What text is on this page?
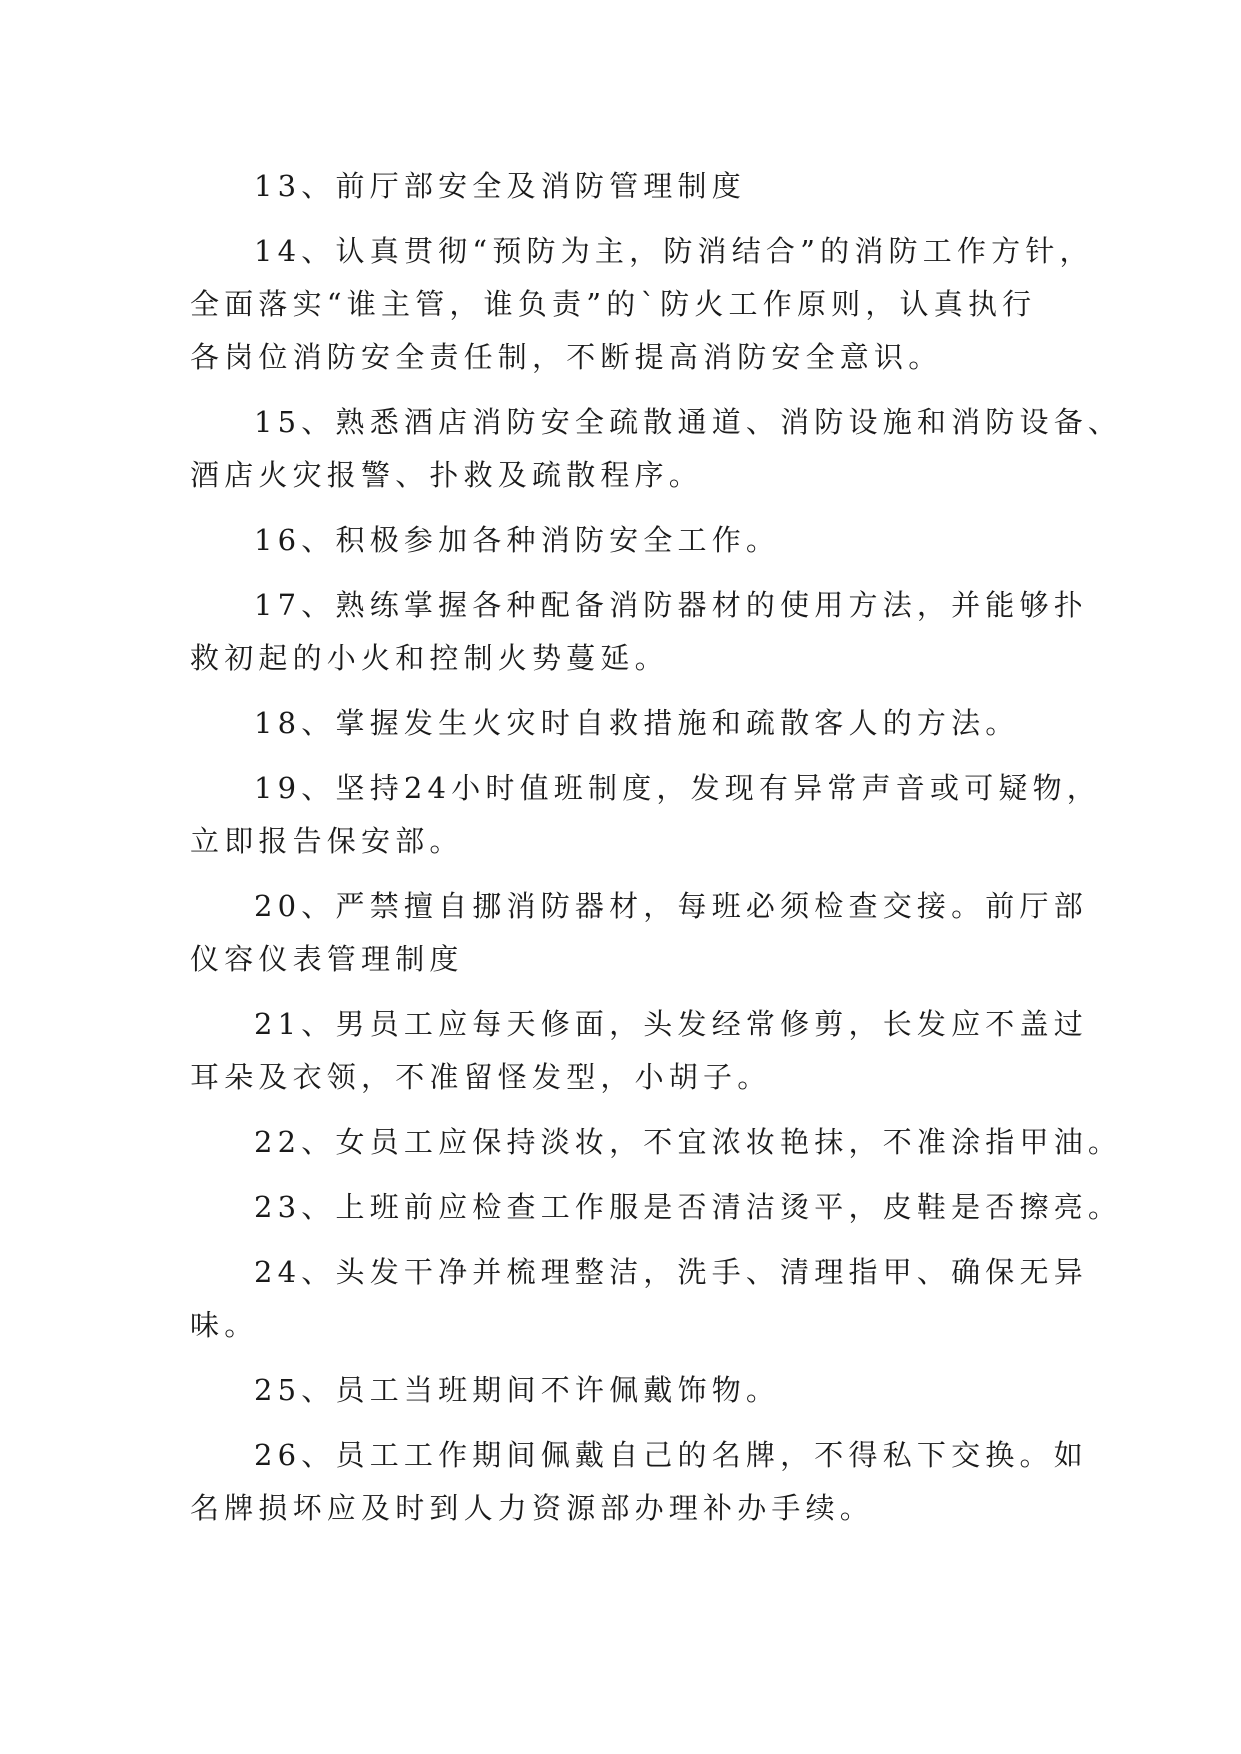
13、前厅部安全及消防管理制度

14、认真贯彻“预防为主，防消结合”的消防工作方针，
全面落实“谁主管，谁负责”的`防火工作原则，认真执行
各岗位消防安全责任制，不断提高消防安全意识。

15、熟悉酒店消防安全疏散通道、消防设施和消防设备、
酒店火灾报警、扑救及疏散程序。

16、积极参加各种消防安全工作。

17、熟练掌握各种配备消防器材的使用方法，并能够扑
救初起的小火和控制火势蔓延。

18、掌握发生火灾时自救措施和疏散客人的方法。

19、坚持24小时值班制度，发现有异常声音或可疑物，
立即报告保安部。

20、严禁擅自挪消防器材，每班必须检查交接。前厅部
仪容仪表管理制度

21、男员工应每天修面，头发经常修剪，长发应不盖过
耳朵及衣领，不准留怪发型，小胡子。

22、女员工应保持淡妆，不宜浓妆艳抹，不准涂指甲油。

23、上班前应检查工作服是否清洁烫平，皮鞋是否擦亮。

24、头发干净并梳理整洁，洗手、清理指甲、确保无异
味。

25、员工当班期间不许佩戴饰物。

26、员工工作期间佩戴自己的名牌，不得私下交换。如
名牌损坏应及时到人力资源部办理补办手续。
